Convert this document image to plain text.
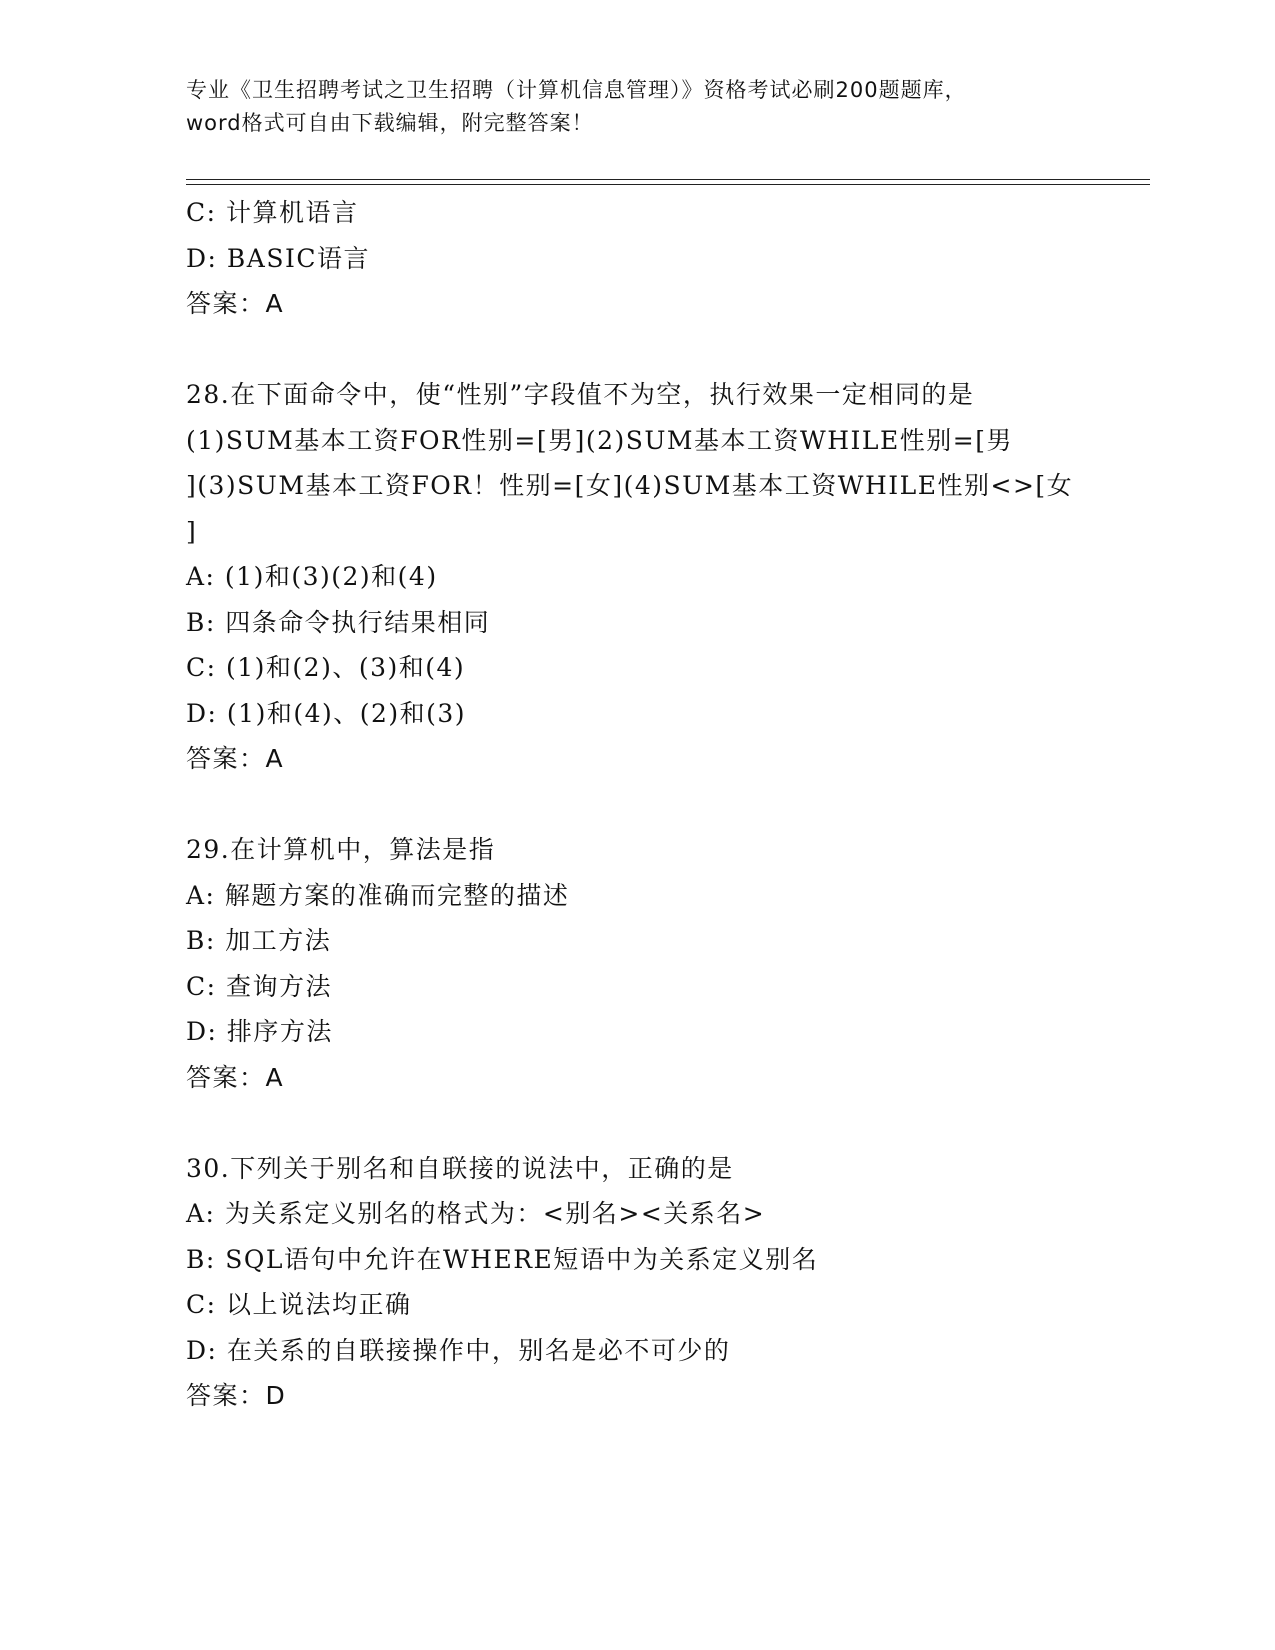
专业《卫生招聘考试之卫生招聘（计算机信息管理）》资格考试必刷200题题库，
word格式可自由下载编辑，附完整答案！
C: 计算机语言
D: BASIC语言
答案：A
28.在下面命令中，使“性别”字段值不为空，执行效果一定相同的是
(1)SUM基本工资FOR性别=[男](2)SUM基本工资WHILE性别=[男
](3)SUM基本工资FOR！性别=[女](4)SUM基本工资WHILE性别<>[女
]
A: (1)和(3)(2)和(4)
B: 四条命令执行结果相同
C: (1)和(2)、(3)和(4)
D: (1)和(4)、(2)和(3)
答案：A
29.在计算机中，算法是指
A: 解题方案的准确而完整的描述
B: 加工方法
C: 查询方法
D: 排序方法
答案：A
30.下列关于别名和自联接的说法中，正确的是
A: 为关系定义别名的格式为：<别名><关系名>
B: SQL语句中允许在WHERE短语中为关系定义别名
C: 以上说法均正确
D: 在关系的自联接操作中，别名是必不可少的
答案：D
